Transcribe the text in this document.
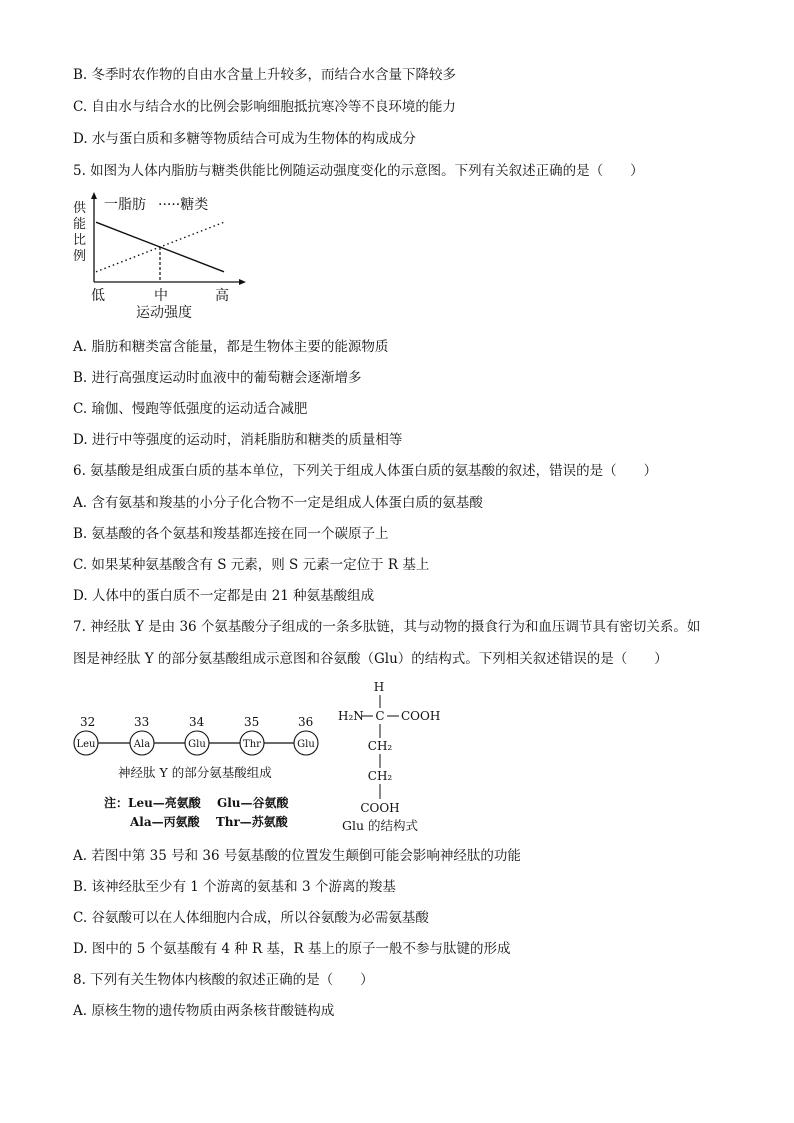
B. 冬季时农作物的自由水含量上升较多，而结合水含量下降较多
C. 自由水与结合水的比例会影响细胞抵抗寒冷等不良环境的能力
D. 水与蛋白质和多糖等物质结合可成为生物体的构成成分
5. 如图为人体内脂肪与糖类供能比例随运动强度变化的示意图。下列有关叙述正确的是（　　）
一脂肪 ·····糖类
供
能
比
例
低	中	高
运动强度
A. 脂肪和糖类富含能量，都是生物体主要的能源物质
B. 进行高强度运动时血液中的葡萄糖会逐渐增多
C. 瑜伽、慢跑等低强度的运动适合减肥
D. 进行中等强度的运动时，消耗脂肪和糖类的质量相等
6. 氨基酸是组成蛋白质的基本单位，下列关于组成人体蛋白质的氨基酸的叙述，错误的是（　　）
A. 含有氨基和羧基的小分子化合物不一定是组成人体蛋白质的氨基酸
B. 氨基酸的各个氨基和羧基都连接在同一个碳原子上
C. 如果某种氨基酸含有 S 元素，则 S 元素一定位于 R 基上
D. 人体中的蛋白质不一定都是由 21 种氨基酸组成
7. 神经肽 Y 是由 36 个氨基酸分子组成的一条多肽链，其与动物的摄食行为和血压调节具有密切关系。如
图是神经肽 Y 的部分氨基酸组成示意图和谷氨酸（Glu）的结构式。下列相关叙述错误的是（　　）
32
Leu
33
Ala
34
Glu
35
Thr
36
Glu
神经肽 Y 的部分氨基酸组成
注：Leu—亮氨酸　 Glu—谷氨酸
Ala—丙氨酸　 Thr—苏氨酸
H
H₂N C COOH
CH₂
CH₂
COOH
Glu 的结构式
A. 若图中第 35 号和 36 号氨基酸的位置发生颠倒可能会影响神经肽的功能
B. 该神经肽至少有 1 个游离的氨基和 3 个游离的羧基
C. 谷氨酸可以在人体细胞内合成，所以谷氨酸为必需氨基酸
D. 图中的 5 个氨基酸有 4 种 R 基，R 基上的原子一般不参与肽键的形成
8. 下列有关生物体内核酸的叙述正确的是（　　）
A. 原核生物的遗传物质由两条核苷酸链构成
